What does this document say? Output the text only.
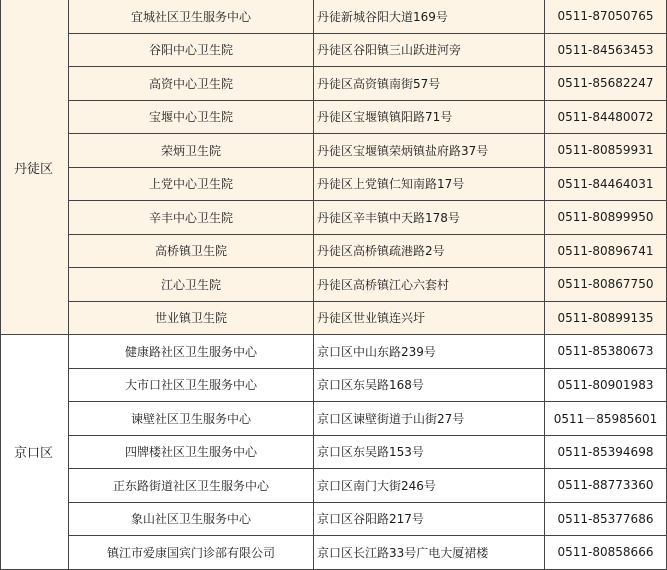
丹徒区	宜城社区卫生服务中心	丹徒新城谷阳大道169号	0511-87050765
	谷阳中心卫生院	丹徒区谷阳镇三山跃进河旁	0511-84563453
	高资中心卫生院	丹徒区高资镇南街57号	0511-85682247
	宝堰中心卫生院	丹徒区宝堰镇镇阳路71号	0511-84480072
	荣炳卫生院	丹徒区宝堰镇荣炳镇盐府路37号	0511-80859931
	上党中心卫生院	丹徒区上党镇仁知南路17号	0511-84464031
	辛丰中心卫生院	丹徒区辛丰镇中天路178号	0511-80899950
	高桥镇卫生院	丹徒区高桥镇疏港路2号	0511-80896741
	江心卫生院	丹徒区高桥镇江心六套村	0511-80867750
	世业镇卫生院	丹徒区世业镇连兴圩	0511-80899135
京口区	健康路社区卫生服务中心	京口区中山东路239号	0511-85380673
	大市口社区卫生服务中心	京口区东吴路168号	0511-80901983
	谏壁社区卫生服务中心	京口区谏壁街道于山街27号	0511－85985601
	四牌楼社区卫生服务中心	京口区东吴路153号	0511-85394698
	正东路街道社区卫生服务中心	京口区南门大街246号	0511-88773360
	象山社区卫生服务中心	京口区谷阳路217号	0511-85377686
	镇江市爱康国宾门诊部有限公司	京口区长江路33号广电大厦裙楼	0511-80858666
